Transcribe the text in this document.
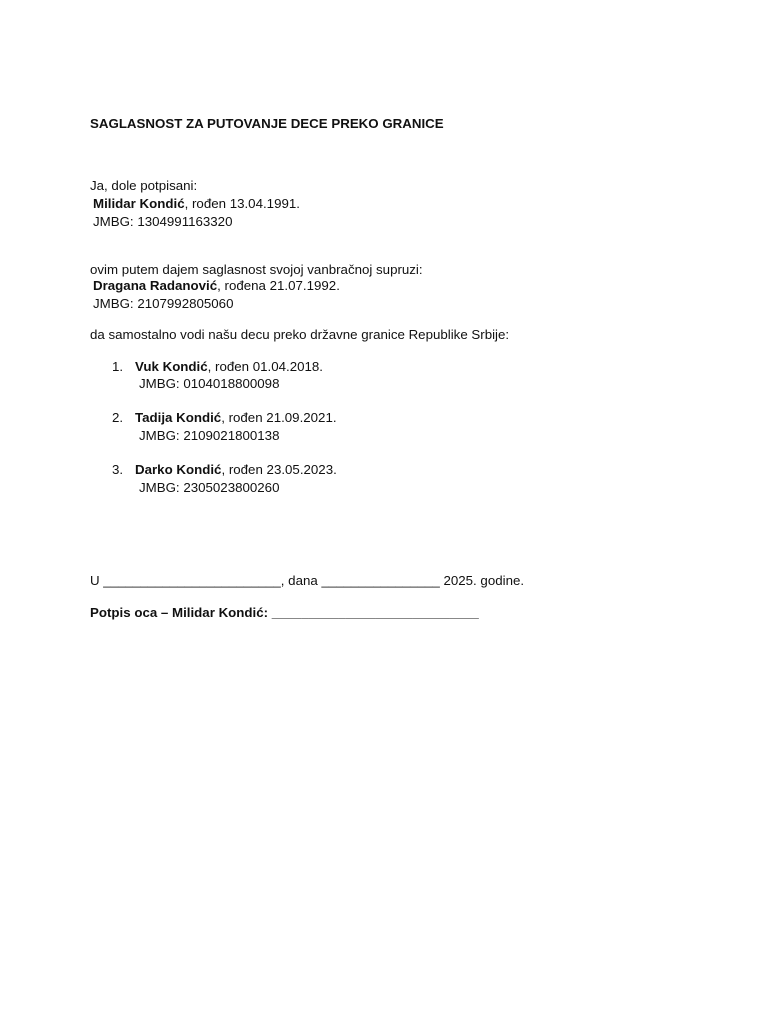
SAGLASNOST ZA PUTOVANJE DECE PREKO GRANICE
Ja, dole potpisani:
Milidar Kondić, rođen 13.04.1991.
JMBG: 1304991163320
ovim putem dajem saglasnost svojoj vanbračnoj supruzi:
Dragana Radanović, rođena 21.07.1992.
JMBG: 2107992805060
da samostalno vodi našu decu preko državne granice Republike Srbije:
1. Vuk Kondić, rođen 01.04.2018.
JMBG: 0104018800098
2. Tadija Kondić, rođen 21.09.2021.
JMBG: 2109021800138
3. Darko Kondić, rođen 23.05.2023.
JMBG: 2305023800260
U ________________________, dana ________________ 2025. godine.
Potpis oca – Milidar Kondić: ____________________________
